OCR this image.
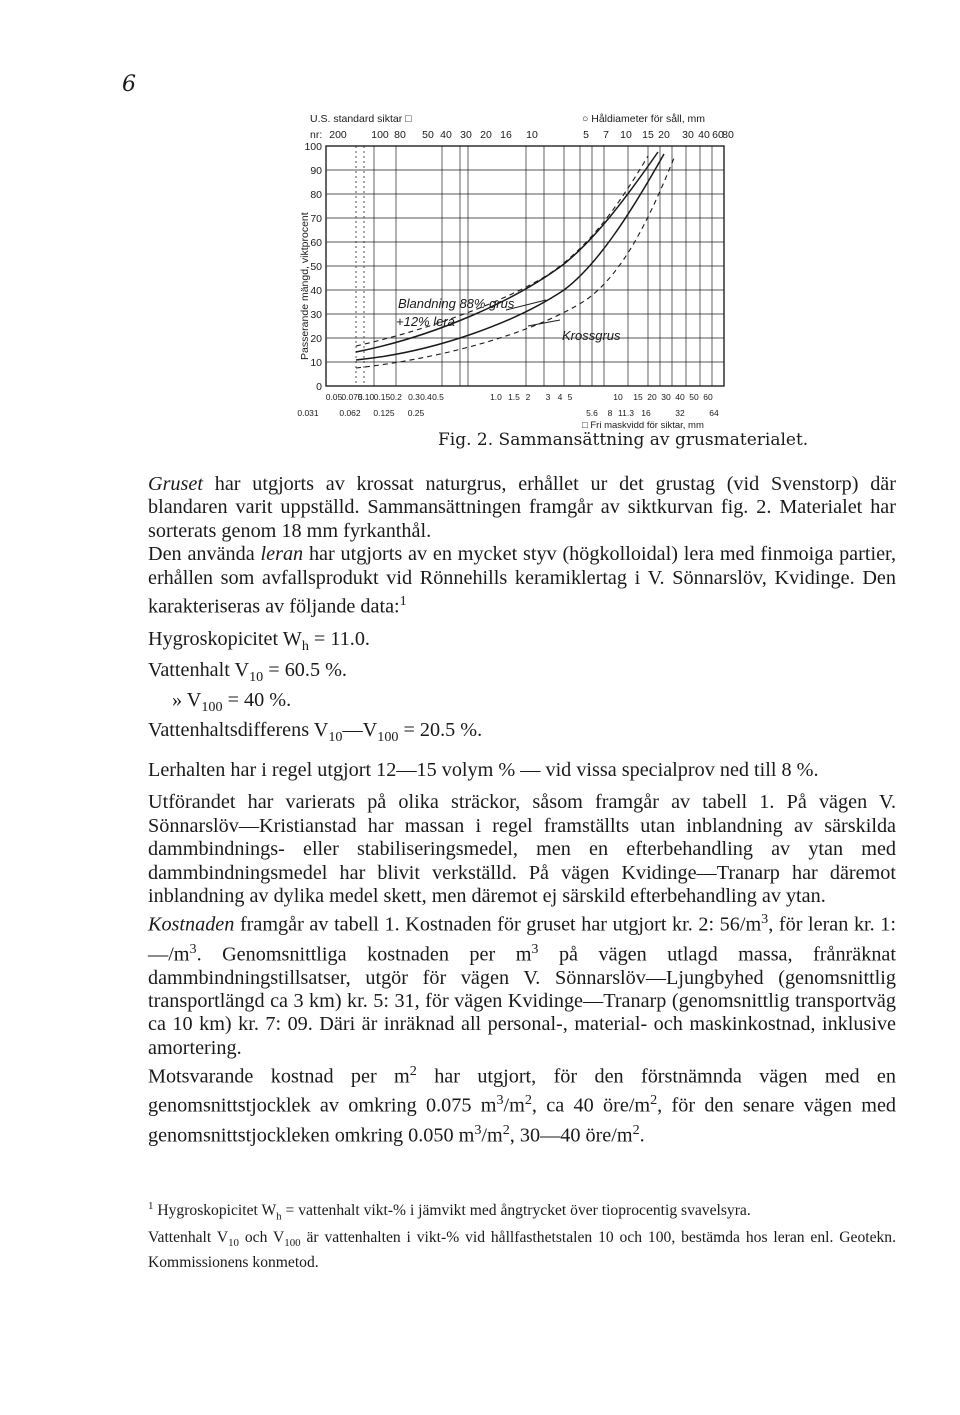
6
U.S. standard siktar □
nr:
○ Håldiameter för såll, mm
200 100 80 50 40 30 20 16 10	5 7 10 15 20 30 40 60
80
Passerande mängd, viktprocent
100
90
80
70
60
50
40
30
20
10
0
Blandning 88% grus
+12% lera
Krossgrus
0.05 0.075
0.10 0.15 0.2 0.3 0.4 0.5	1.0 1.5 2 3 4 5	10 15 20 30 40 50 60
0.031 0.062 0.125 0.25	5.6 8 11.3 16	32	64
□ Fri maskvidd för siktar, mm
Fig. 2. Sammansättning av grusmaterialet.

Gruset har utgjorts av krossat naturgrus, erhållet ur det grustag (vid Svenstorp) där blandaren varit uppställd. Sammansättningen framgår av siktkurvan fig. 2. Materialet har sorterats genom 18 mm fyrkanthål.

Den använda leran har utgjorts av en mycket styv (högkolloidal) lera med finmoiga partier, erhållen som avfallsprodukt vid Rönnehills keramiklertag i V. Sönnarslöv, Kvidinge. Den karakteriseras av följande data:$^1$

Hygroskopicitet $W_h = 11.0$.

Vattenhalt $V_{10} = 60.5$ %.

» $V_{100} = 40$ %.

Vattenhaltsdifferens $V_{10}—V_{100} = 20.5$ %.

Lerhalten har i regel utgjort 12—15 volym % — vid vissa specialprov ned till 8 %.

Utförandet har varierats på olika sträckor, såsom framgår av tabell 1. På vägen V. Sönnarslöv—Kristianstad har massan i regel framställts utan inblandning av särskilda dammbindnings- eller stabiliseringsmedel, men en efterbehandling av ytan med dammbindningsmedel har blivit verkställd. På vägen Kvidinge—Tranarp har däremot inblandning av dylika medel skett, men däremot ej särskild efterbehandling av ytan.

Kostnaden framgår av tabell 1. Kostnaden för gruset har utgjort kr. 2: $56/m^3$, för leran kr. 1: $—/m^3$. Genomsnittliga kostnaden per $m^3$ på vägen utlagd massa, frånräknat dammbindningstillsatser, utgör för vägen V. Sönnarslöv—Ljungbyhed (genomsnittlig transportlängd ca 3 km) kr. 5: 31, för vägen Kvidinge—Tranarp (genomsnittlig transportväg ca 10 km) kr. 7: 09. Däri är inräknad all personal-, material- och maskinkostnad, inklusive amortering.

Motsvarande kostnad per $m^2$ har utgjort, för den förstnämnda vägen med en genomsnittstjocklek av omkring 0.075 $m^3/m^2$, ca 40 öre/$m^2$, för den senare vägen med genomsnittstjockleken omkring 0.050 $m^3/m^2$, 30—40 öre/$m^2$.

$^1$ Hygroskopicitet $W_h$ = vattenhalt vikt-% i jämvikt med ångtrycket över tioprocentig svavelsyra.

Vattenhalt $V_{10}$ och $V_{100}$ är vattenhalten i vikt-% vid hållfasthetstalen 10 och 100, bestämda hos leran enl. Geotekn. Kommissionens konmetod.
